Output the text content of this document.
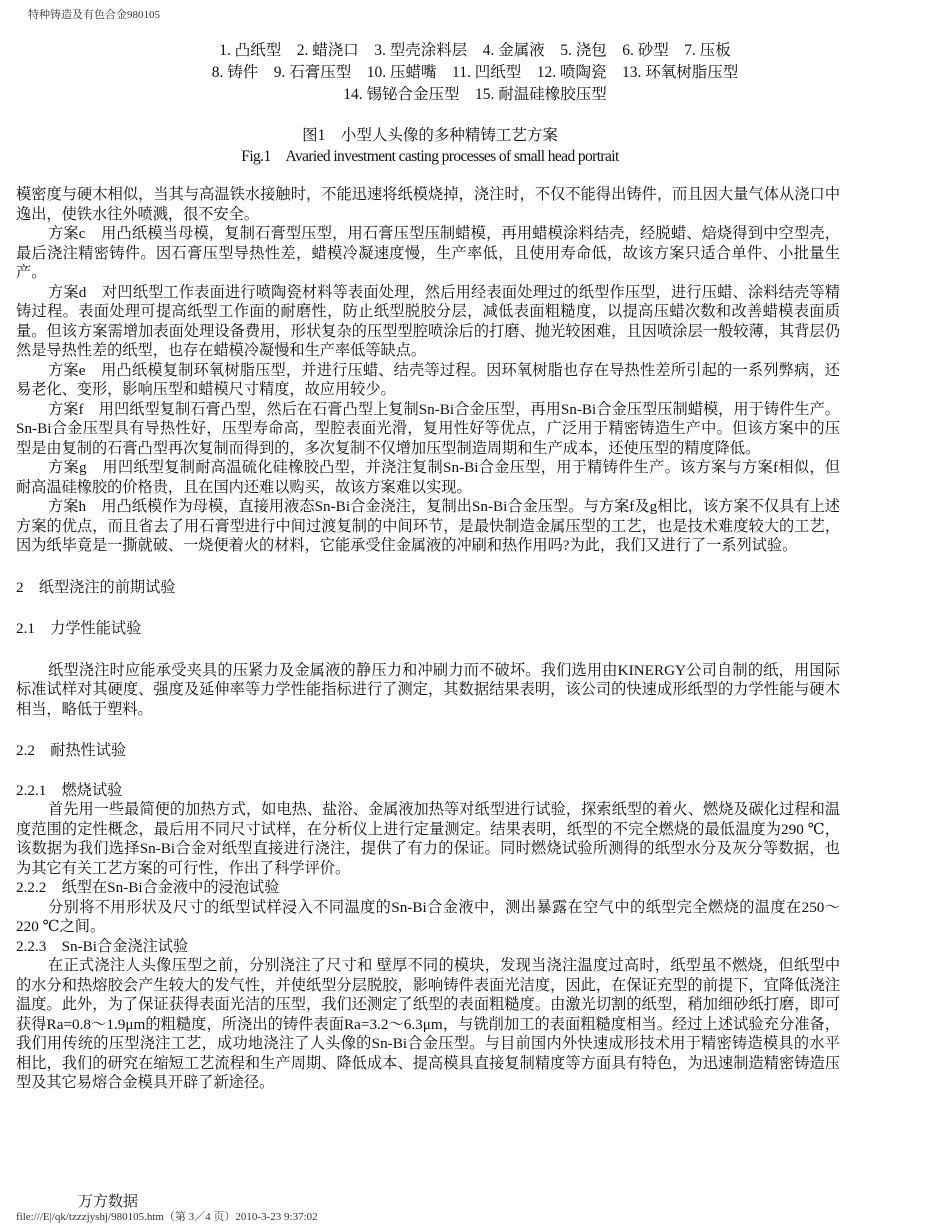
特种铸造及有色合金980105
1. 凸纸型　2. 蜡浇口　3. 型壳涂料层　4. 金属液　5. 浇包　6. 砂型　7. 压板
8. 铸件　9. 石膏压型　10. 压蜡嘴　11. 凹纸型　12. 喷陶瓷　13. 环氧树脂压型
14. 锡铋合金压型　15. 耐温硅橡胶压型
图1　小型人头像的多种精铸工艺方案
Fig.1　Avaried investment casting processes of small head portrait

模密度与硬木相似，当其与高温铁水接触时，不能迅速将纸模烧掉，浇注时，不仅不能得出铸件，而且因大量气体从浇口中逸出，使铁水往外喷溅，很不安全。

方案c　用凸纸模当母模，复制石膏型压型，用石膏压型压制蜡模，再用蜡模涂料结壳，经脱蜡、焙烧得到中空型壳，最后浇注精密铸件。因石膏压型导热性差，蜡模冷凝速度慢，生产率低，且使用寿命低，故该方案只适合单件、小批量生产。

方案d　对凹纸型工作表面进行喷陶瓷材料等表面处理，然后用经表面处理过的纸型作压型，进行压蜡、涂料结壳等精铸过程。表面处理可提高纸型工作面的耐磨性，防止纸型脱胶分层，减低表面粗糙度，以提高压蜡次数和改善蜡模表面质量。但该方案需增加表面处理设备费用，形状复杂的压型型腔喷涂后的打磨、抛光较困难，且因喷涂层一般较薄，其背层仍然是导热性差的纸型，也存在蜡模冷凝慢和生产率低等缺点。

方案e　用凸纸模复制环氧树脂压型，并进行压蜡、结壳等过程。因环氧树脂也存在导热性差所引起的一系列弊病，还易老化、变形，影响压型和蜡模尺寸精度，故应用较少。

方案f　用凹纸型复制石膏凸型，然后在石膏凸型上复制Sn-Bi合金压型，再用Sn-Bi合金压型压制蜡模，用于铸件生产。Sn-Bi合金压型具有导热性好，压型寿命高，型腔表面光滑，复用性好等优点，广泛用于精密铸造生产中。但该方案中的压型是由复制的石膏凸型再次复制而得到的，多次复制不仅增加压型制造周期和生产成本，还使压型的精度降低。

方案g　用凹纸型复制耐高温硫化硅橡胶凸型，并浇注复制Sn-Bi合金压型，用于精铸件生产。该方案与方案f相似，但耐高温硅橡胶的价格贵，且在国内还难以购买，故该方案难以实现。

方案h　用凸纸模作为母模，直接用液态Sn-Bi合金浇注，复制出Sn-Bi合金压型。与方案f及g相比，该方案不仅具有上述方案的优点，而且省去了用石膏型进行中间过渡复制的中间环节，是最快制造金属压型的工艺，也是技术难度较大的工艺，因为纸毕竟是一撕就破、一烧便着火的材料，它能承受住金属液的冲刷和热作用吗?为此，我们又进行了一系列试验。

2　纸型浇注的前期试验

2.1　力学性能试验

纸型浇注时应能承受夹具的压紧力及金属液的静压力和冲刷力而不破坏。我们选用由KINERGY公司自制的纸，用国际标准试样对其硬度、强度及延伸率等力学性能指标进行了测定，其数据结果表明，该公司的快速成形纸型的力学性能与硬木相当，略低于塑料。

2.2　耐热性试验

2.2.1　燃烧试验

首先用一些最简便的加热方式，如电热、盐浴、金属液加热等对纸型进行试验，探索纸型的着火、燃烧及碳化过程和温度范围的定性概念，最后用不同尺寸试样，在分析仪上进行定量测定。结果表明，纸型的不完全燃烧的最低温度为290 ℃，该数据为我们选择Sn-Bi合金对纸型直接进行浇注，提供了有力的保证。同时燃烧试验所测得的纸型水分及灰分等数据，也为其它有关工艺方案的可行性，作出了科学评价。

2.2.2　纸型在Sn-Bi合金液中的浸泡试验

分别将不用形状及尺寸的纸型试样浸入不同温度的Sn-Bi合金液中，测出暴露在空气中的纸型完全燃烧的温度在250～220 ℃之间。

2.2.3　Sn-Bi合金浇注试验

在正式浇注人头像压型之前，分别浇注了尺寸和 壁厚不同的模块，发现当浇注温度过高时，纸型虽不燃烧，但纸型中的水分和热熔胶会产生较大的发气性，并使纸型分层脱胶，影响铸件表面光洁度，因此，在保证充型的前提下，宜降低浇注温度。此外，为了保证获得表面光洁的压型，我们还测定了纸型的表面粗糙度。由激光切割的纸型，稍加细砂纸打磨，即可获得Ra=0.8～1.9μm的粗糙度，所浇出的铸件表面Ra=3.2～6.3μm，与铣削加工的表面粗糙度相当。经过上述试验充分准备，我们用传统的压型浇注工艺，成功地浇注了人头像的Sn-Bi合金压型。与目前国内外快速成形技术用于精密铸造模具的水平相比，我们的研究在缩短工艺流程和生产周期、降低成本、提高模具直接复制精度等方面具有特色，为迅速制造精密铸造压型及其它易熔合金模具开辟了新途径。

万方数据
file:///E|/qk/tzzzjyshj/980105.htm（第 3／4 页）2010-3-23 9:37:02
